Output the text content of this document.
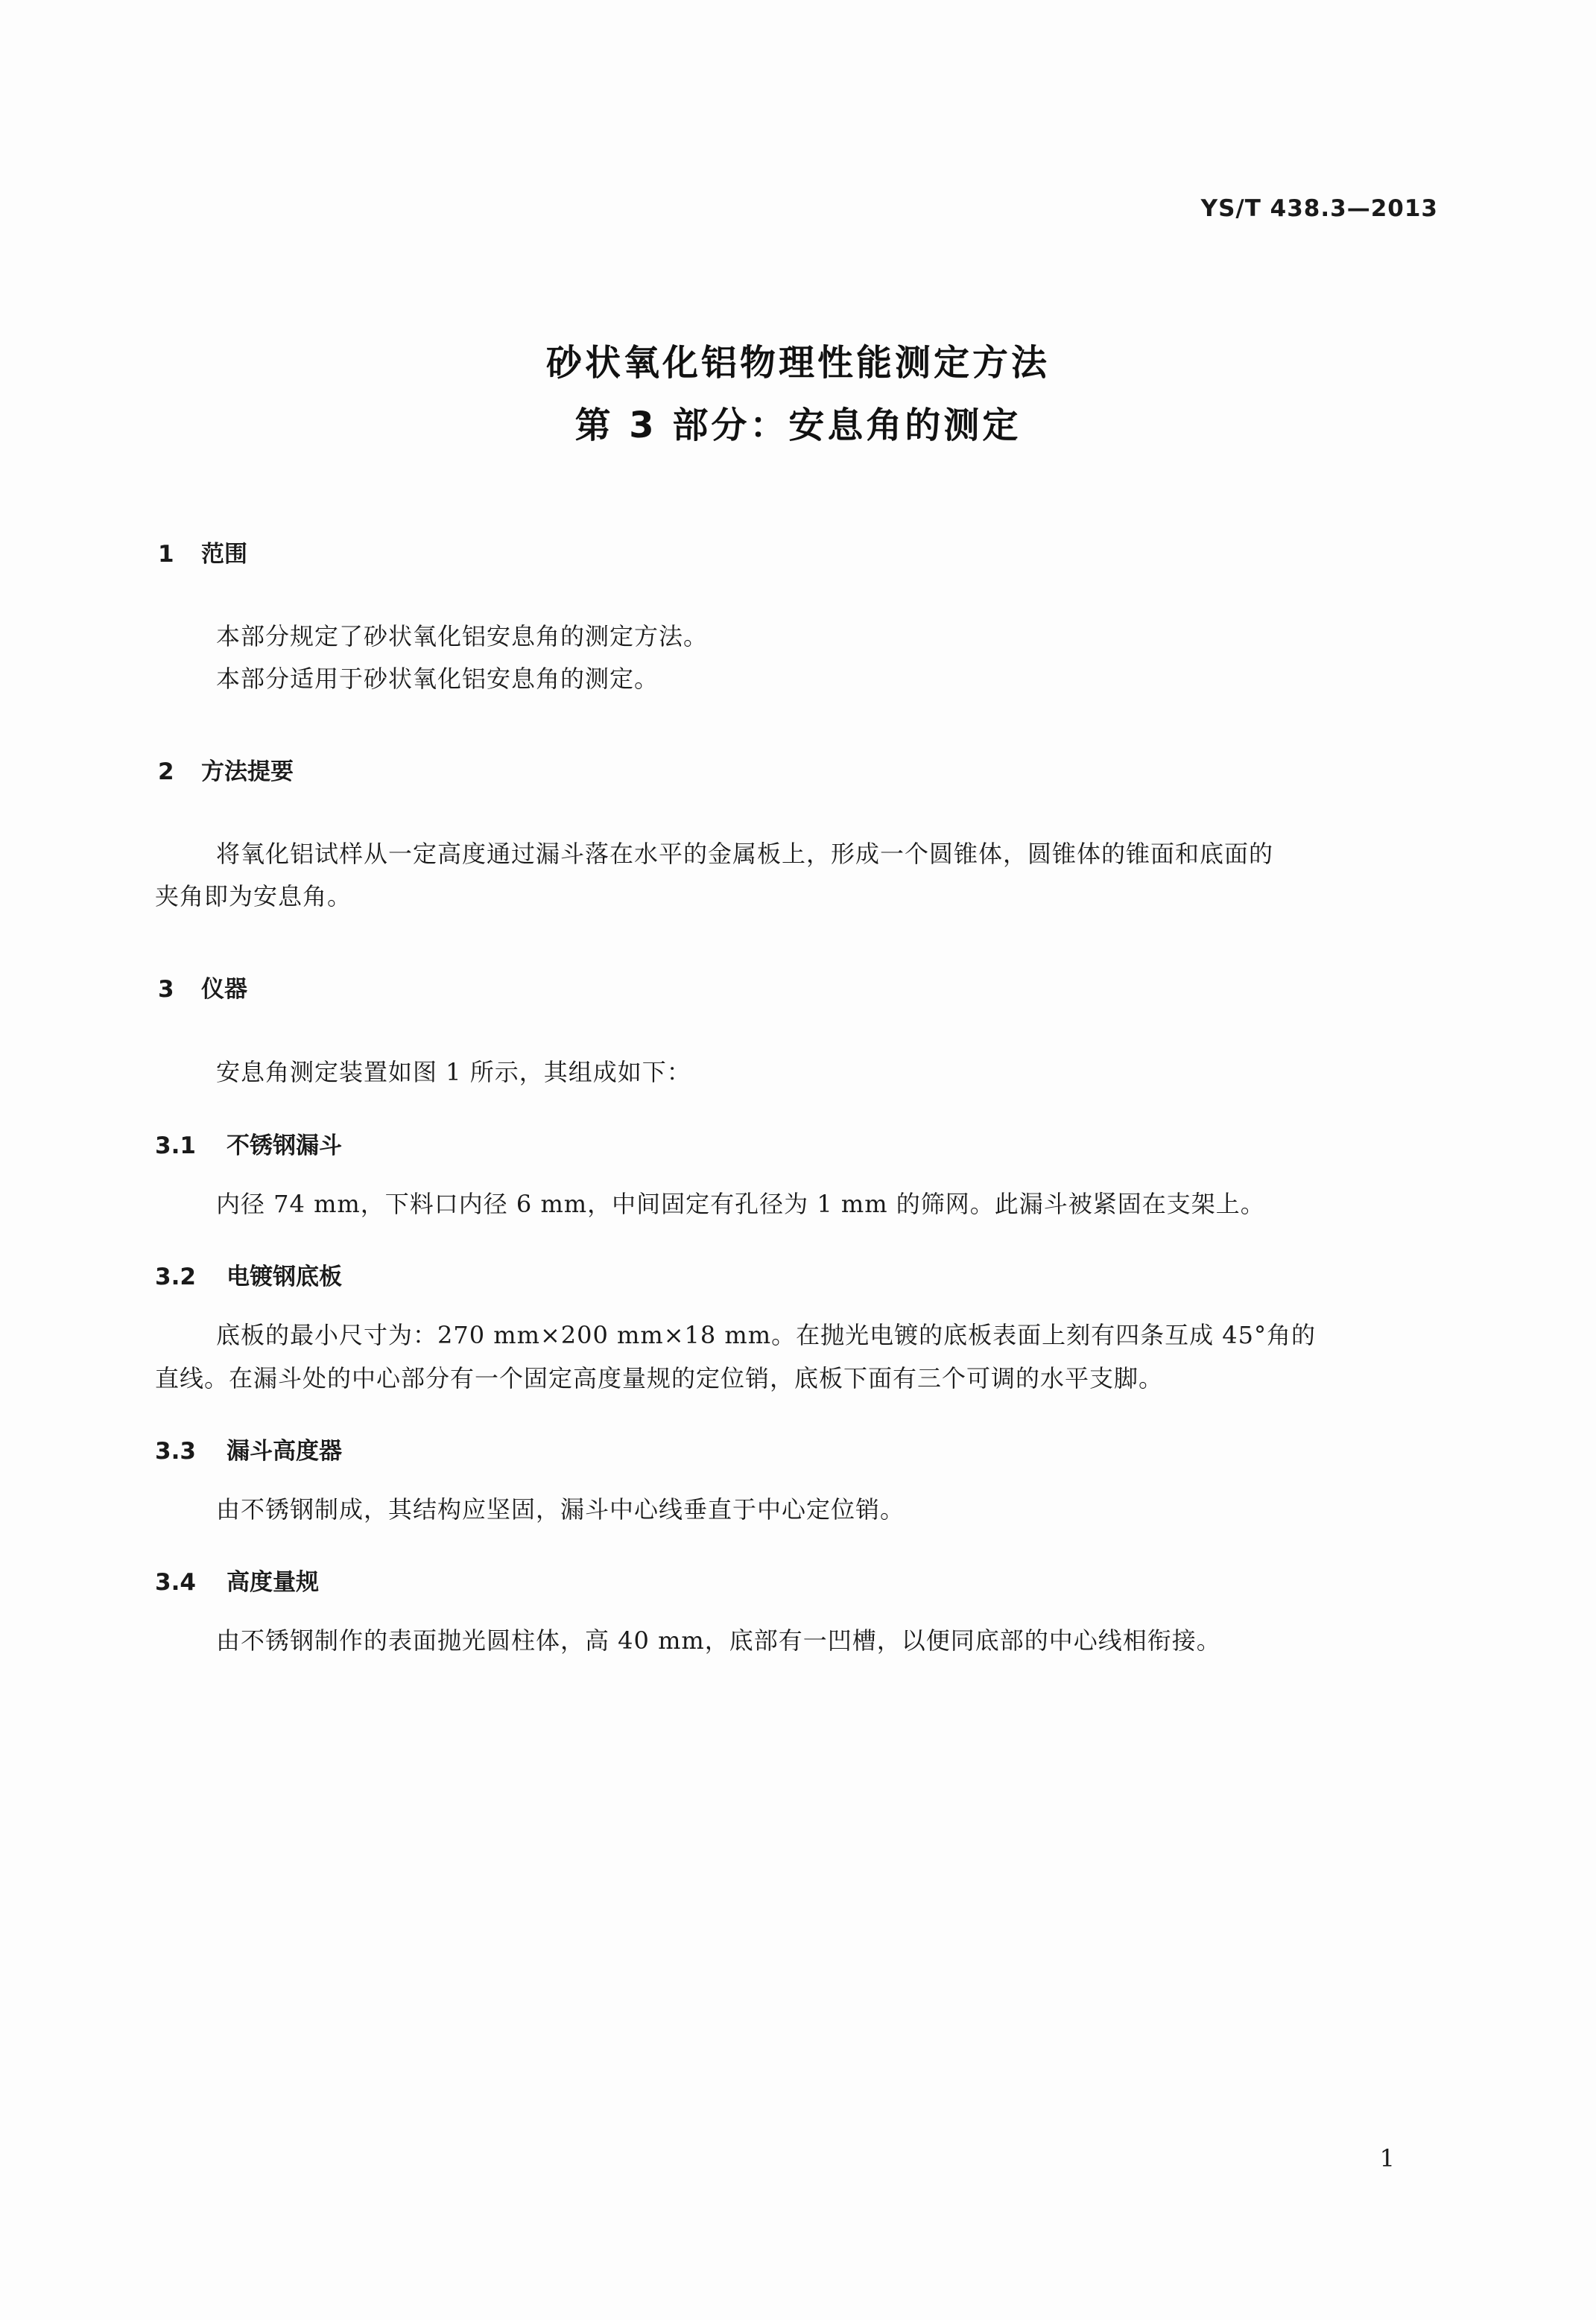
YS/T 438.3—2013
砂状氧化铝物理性能测定方法
第 3 部分：安息角的测定
1 范围
本部分规定了砂状氧化铝安息角的测定方法。
本部分适用于砂状氧化铝安息角的测定。
2 方法提要
将氧化铝试样从一定高度通过漏斗落在水平的金属板上，形成一个圆锥体，圆锥体的锥面和底面的
夹角即为安息角。
3 仪器
安息角测定装置如图 1 所示，其组成如下：
3.1 不锈钢漏斗
内径 74 mm，下料口内径 6 mm，中间固定有孔径为 1 mm 的筛网。此漏斗被紧固在支架上。
3.2 电镀钢底板
底板的最小尺寸为：270 mm×200 mm×18 mm。在抛光电镀的底板表面上刻有四条互成 45°角的
直线。在漏斗处的中心部分有一个固定高度量规的定位销，底板下面有三个可调的水平支脚。
3.3 漏斗高度器
由不锈钢制成，其结构应坚固，漏斗中心线垂直于中心定位销。
3.4 高度量规
由不锈钢制作的表面抛光圆柱体，高 40 mm，底部有一凹槽，以便同底部的中心线相衔接。
1
